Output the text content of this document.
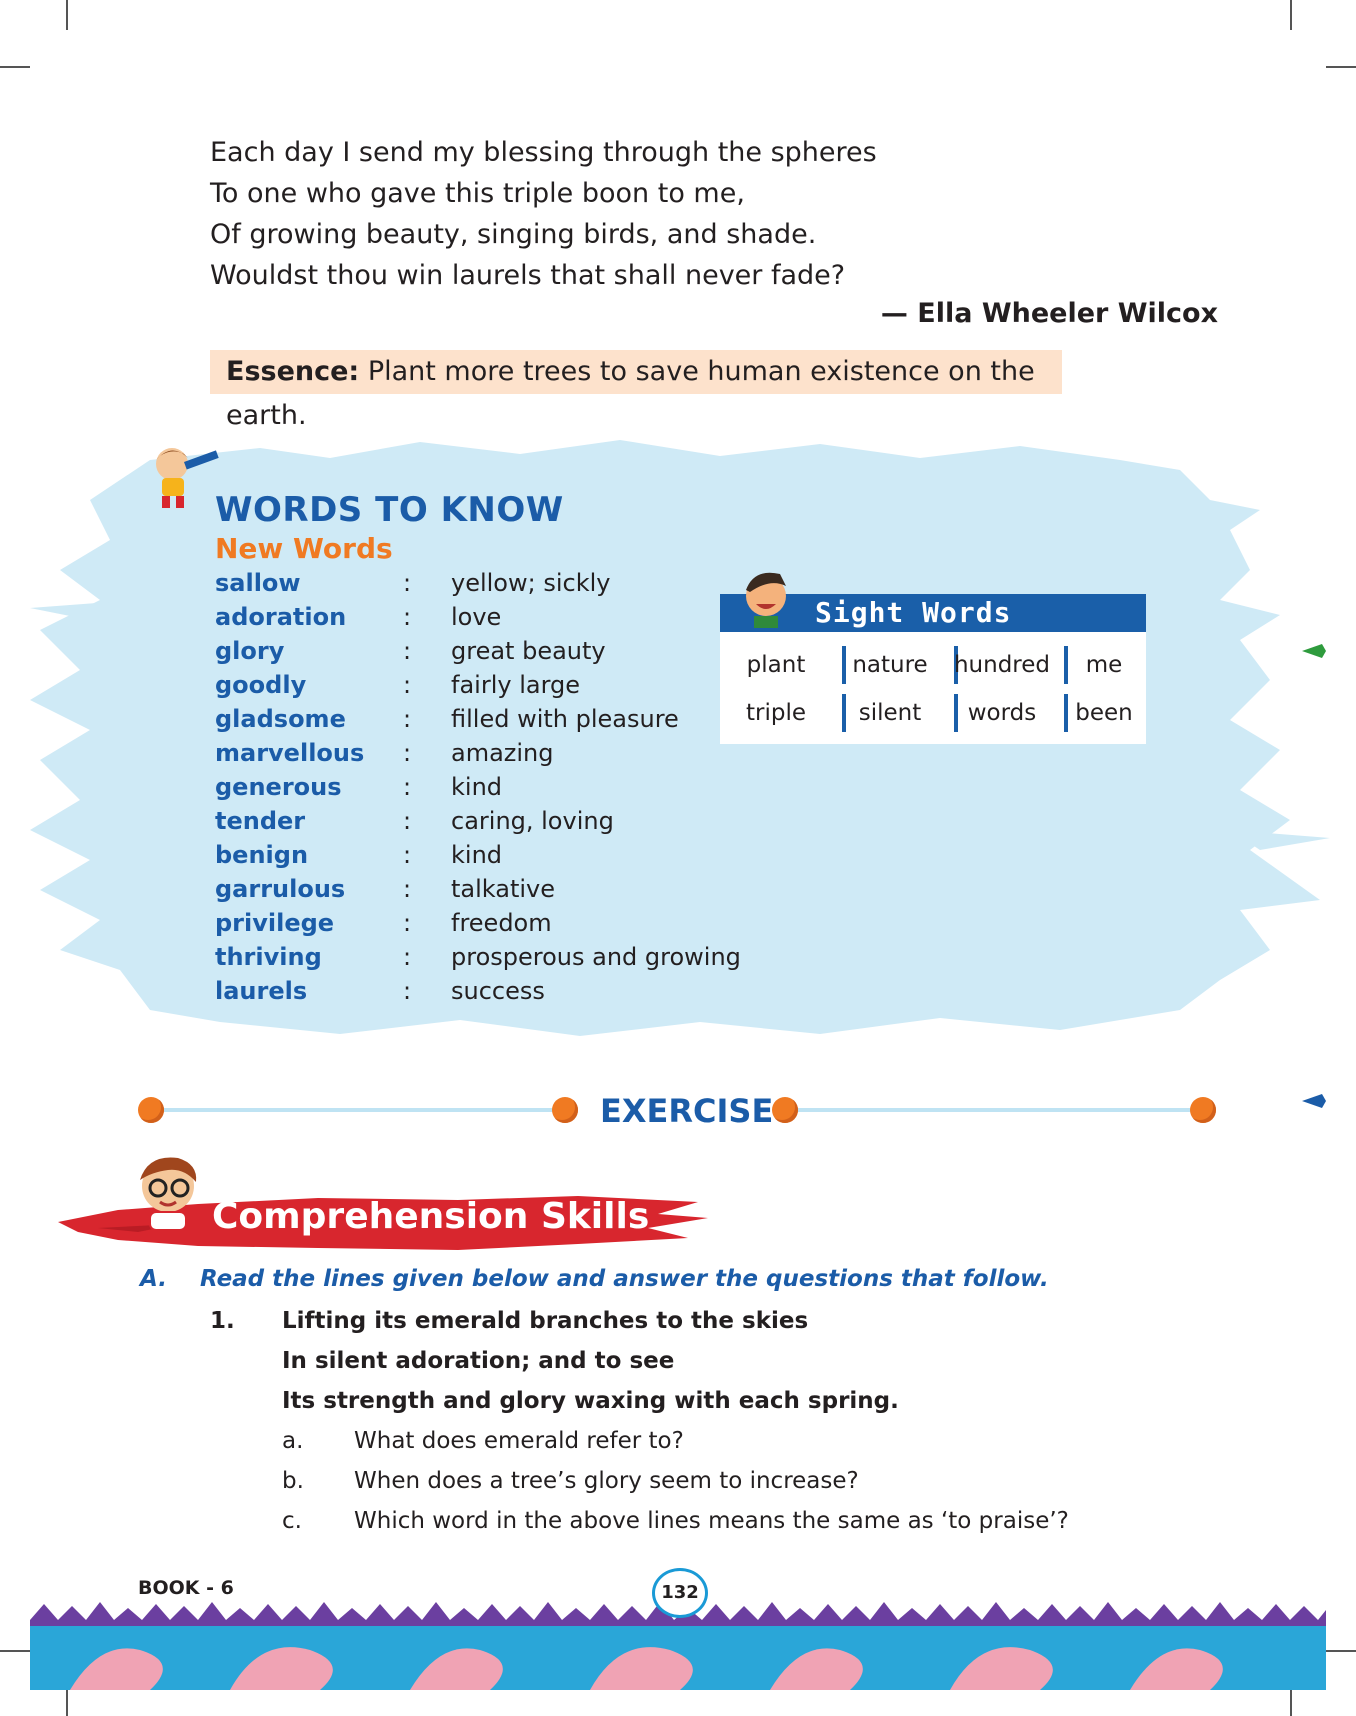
Each day I send my blessing through the spheres
To one who gave this triple boon to me,
Of growing beauty, singing birds, and shade.
Wouldst thou win laurels that shall never fade?
— Ella Wheeler Wilcox
Essence: Plant more trees to save human existence on the earth.
WORDS TO KNOW
New Words
sallow	: yellow; sickly
adoration : love
glory	: great beauty
goodly	: fairly large
gladsome : filled with pleasure
marvellous : amazing
generous	: kind
tender	: caring, loving
benign	: kind
garrulous : talkative
privilege	: freedom
thriving	: prosperous and growing
laurels	: success
Sight Words
plant	nature	hundred	me
triple	silent	words	been
EXERCISE
Comprehension Skills
A. Read the lines given below and answer the questions that follow.
1. Lifting its emerald branches to the skies
In silent adoration; and to see
Its strength and glory waxing with each spring.
a. What does emerald refer to?
b. When does a tree’s glory seem to increase?
c. Which word in the above lines means the same as ‘to praise’?
BOOK - 6	132
